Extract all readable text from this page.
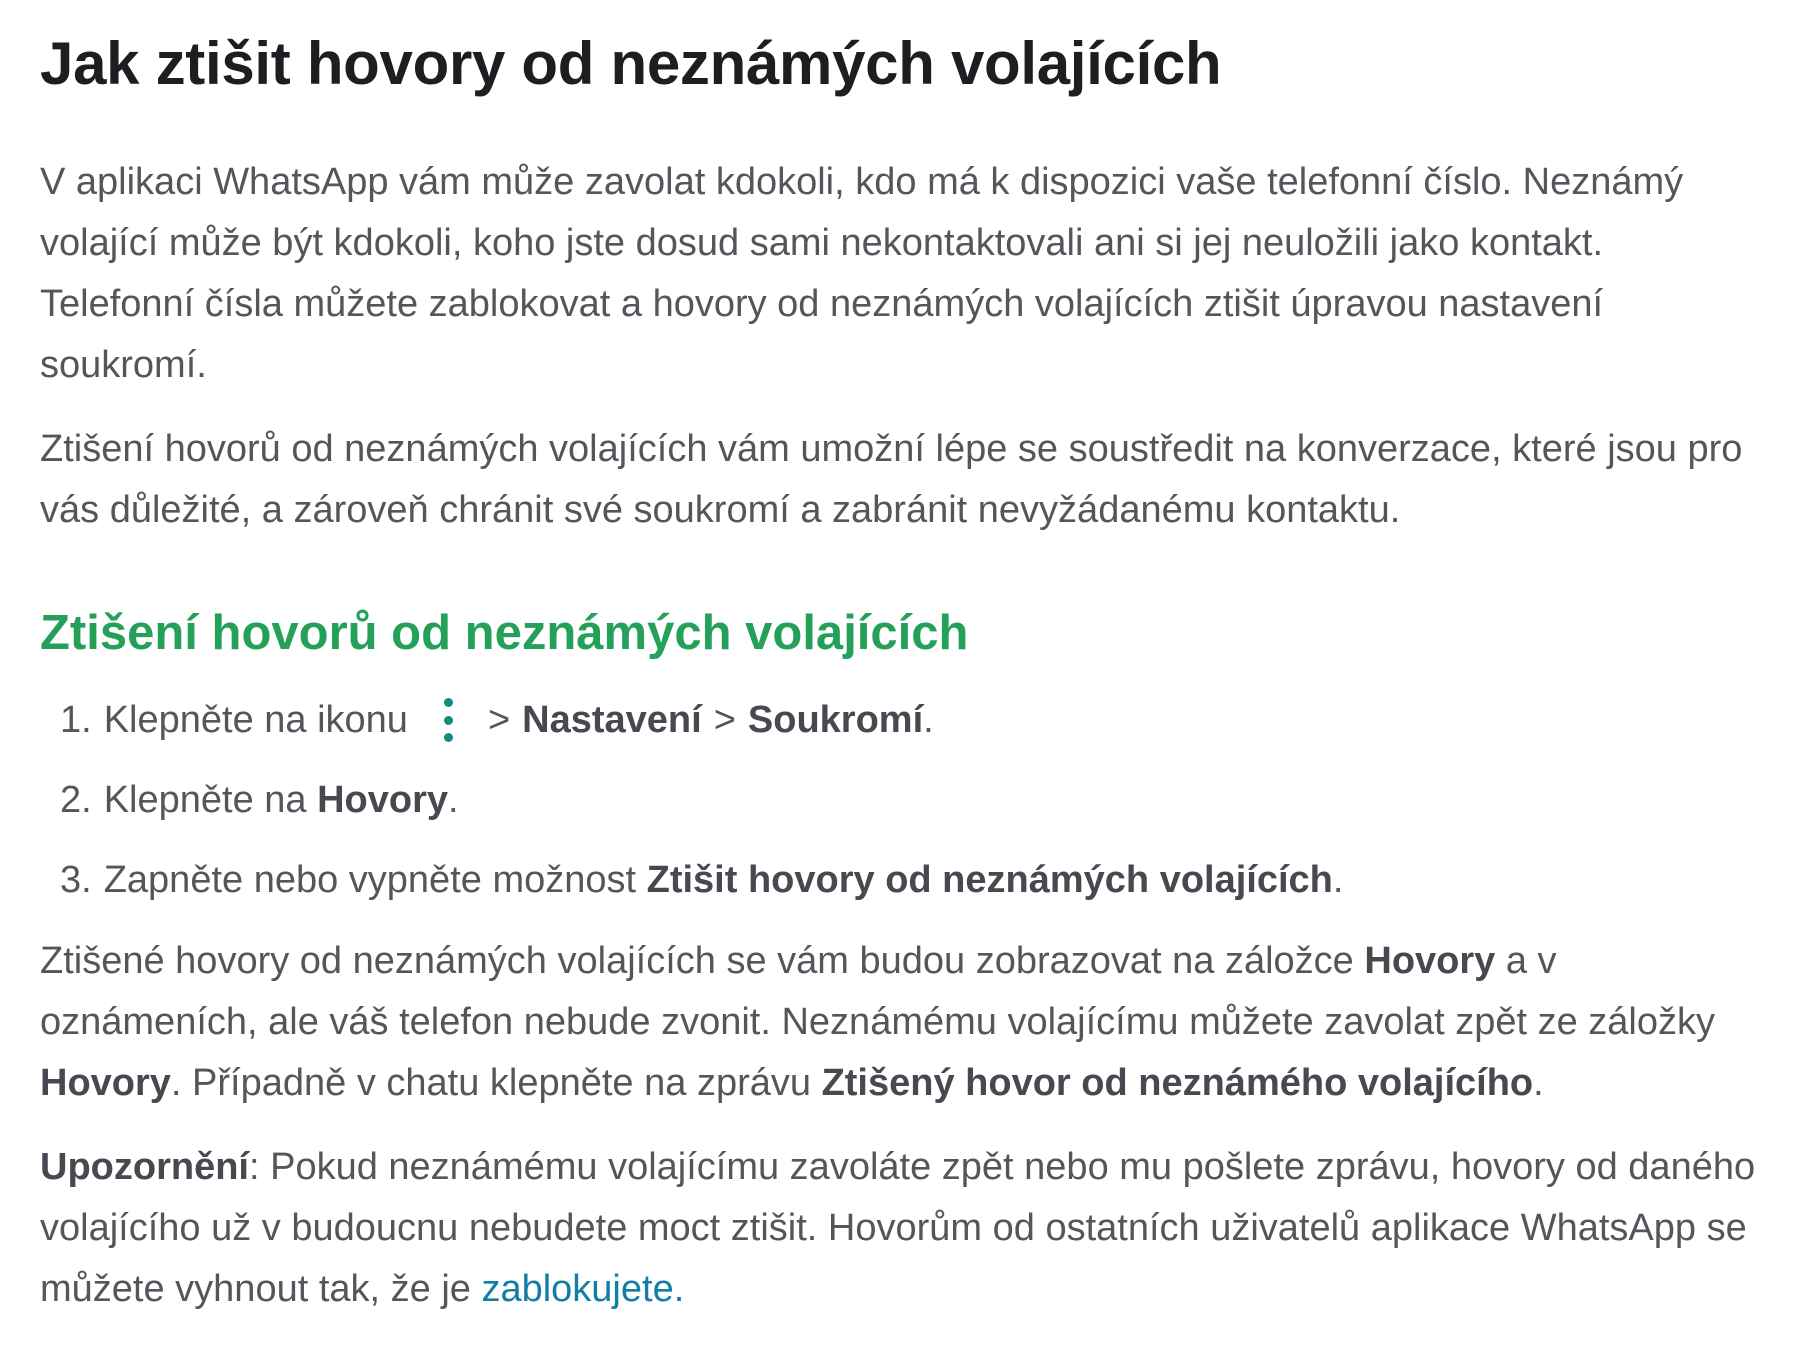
Jak ztišit hovory od neznámých volajících

V aplikaci WhatsApp vám může zavolat kdokoli, kdo má k dispozici vaše telefonní číslo. Neznámý volající může být kdokoli, koho jste dosud sami nekontaktovali ani si jej neuložili jako kontakt. Telefonní čísla můžete zablokovat a hovory od neznámých volajících ztišit úpravou nastavení soukromí.

Ztišení hovorů od neznámých volajících vám umožní lépe se soustředit na konverzace, které jsou pro vás důležité, a zároveň chránit své soukromí a zabránit nevyžádanému kontaktu.

Ztišení hovorů od neznámých volajících
1. Klepněte na ikonu > Nastavení > Soukromí .
2. Klepněte na Hovory .
3. Zapněte nebo vypněte možnost Ztišit hovory od neznámých volajících .

Ztišené hovory od neznámých volajících se vám budou zobrazovat na záložce Hovory a v oznámeních, ale váš telefon nebude zvonit. Neznámému volajícímu můžete zavolat zpět ze záložky Hovory. Případně v chatu klepněte na zprávu Ztišený hovor od neznámého volajícího.

Upozornění: Pokud neznámému volajícímu zavoláte zpět nebo mu pošlete zprávu, hovory od daného volajícího už v budoucnu nebudete moct ztišit. Hovorům od ostatních uživatelů aplikace WhatsApp se můžete vyhnout tak, že je zablokujete.
